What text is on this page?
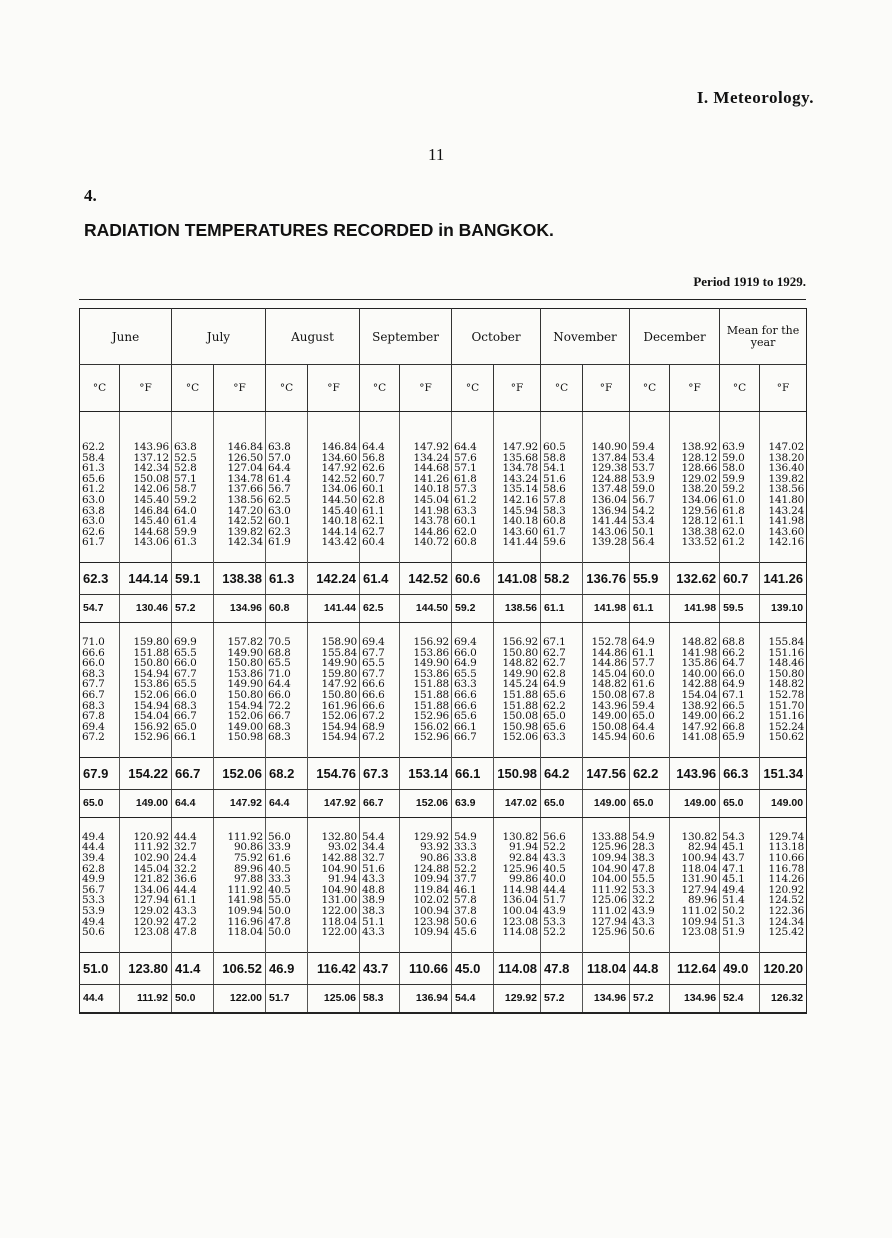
I. Meteorology.
11
4.
RADIATION TEMPERATURES RECORDED in BANGKOK.
Period 1919 to 1929.
June		July		August		September		October		November		December		Mean for the year	
°C	°F	°C	°F	°C	°F	°C	°F	°C	°F	°C	°F	°C	°F	°C	°F

62.2	143.96	63.8	146.84	63.8	146.84	64.4	147.92	64.4	147.92	60.5	140.90	59.4	138.92	63.9	147.02
58.4	137.12	52.5	126.50	57.0	134.60	56.8	134.24	57.6	135.68	58.8	137.84	53.4	128.12	59.0	138.20
61.3	142.34	52.8	127.04	64.4	147.92	62.6	144.68	57.1	134.78	54.1	129.38	53.7	128.66	58.0	136.40
65.6	150.08	57.1	134.78	61.4	142.52	60.7	141.26	61.8	143.24	51.6	124.88	53.9	129.02	59.9	139.82
61.2	142.06	58.7	137.66	56.7	134.06	60.1	140.18	57.3	135.14	58.6	137.48	59.0	138.20	59.2	138.56
63.0	145.40	59.2	138.56	62.5	144.50	62.8	145.04	61.2	142.16	57.8	136.04	56.7	134.06	61.0	141.80
63.8	146.84	64.0	147.20	63.0	145.40	61.1	141.98	63.3	145.94	58.3	136.94	54.2	129.56	61.8	143.24
63.0	145.40	61.4	142.52	60.1	140.18	62.1	143.78	60.1	140.18	60.8	141.44	53.4	128.12	61.1	141.98
62.6	144.68	59.9	139.82	62.3	144.14	62.7	144.86	62.0	143.60	61.7	143.06	50.1	138.38	62.0	143.60
61.7	143.06	61.3	142.34	61.9	143.42	60.4	140.72	60.8	141.44	59.6	139.28	56.4	133.52	61.2	142.16

62.3	144.14	59.1	138.38	61.3	142.24	61.4	142.52	60.6	141.08	58.2	136.76	55.9	132.62	60.7	141.26
54.7	130.46	57.2	134.96	60.8	141.44	62.5	144.50	59.2	138.56	61.1	141.98	61.1	141.98	59.5	139.10

71.0	159.80	69.9	157.82	70.5	158.90	69.4	156.92	69.4	156.92	67.1	152.78	64.9	148.82	68.8	155.84
66.6	151.88	65.5	149.90	68.8	155.84	67.7	153.86	66.0	150.80	62.7	144.86	61.1	141.98	66.2	151.16
66.0	150.80	66.0	150.80	65.5	149.90	65.5	149.90	64.9	148.82	62.7	144.86	57.7	135.86	64.7	148.46
68.3	154.94	67.7	153.86	71.0	159.80	67.7	153.86	65.5	149.90	62.8	145.04	60.0	140.00	66.0	150.80
67.7	153.86	65.5	149.90	64.4	147.92	66.6	151.88	63.3	145.24	64.9	148.82	61.6	142.88	64.9	148.82
66.7	152.06	66.0	150.80	66.0	150.80	66.6	151.88	66.6	151.88	65.6	150.08	67.8	154.04	67.1	152.78
68.3	154.94	68.3	154.94	72.2	161.96	66.6	151.88	66.6	151.88	62.2	143.96	59.4	138.92	66.5	151.70
67.8	154.04	66.7	152.06	66.7	152.06	67.2	152.96	65.6	150.08	65.0	149.00	65.0	149.00	66.2	151.16
69.4	156.92	65.0	149.00	68.3	154.94	68.9	156.02	66.1	150.98	65.6	150.08	64.4	147.92	66.8	152.24
67.2	152.96	66.1	150.98	68.3	154.94	67.2	152.96	66.7	152.06	63.3	145.94	60.6	141.08	65.9	150.62

67.9	154.22	66.7	152.06	68.2	154.76	67.3	153.14	66.1	150.98	64.2	147.56	62.2	143.96	66.3	151.34
65.0	149.00	64.4	147.92	64.4	147.92	66.7	152.06	63.9	147.02	65.0	149.00	65.0	149.00	65.0	149.00

49.4	120.92	44.4	111.92	56.0	132.80	54.4	129.92	54.9	130.82	56.6	133.88	54.9	130.82	54.3	129.74
44.4	111.92	32.7	90.86	33.9	93.02	34.4	93.92	33.3	91.94	52.2	125.96	28.3	82.94	45.1	113.18
39.4	102.90	24.4	75.92	61.6	142.88	32.7	90.86	33.8	92.84	43.3	109.94	38.3	100.94	43.7	110.66
62.8	145.04	32.2	89.96	40.5	104.90	51.6	124.88	52.2	125.96	40.5	104.90	47.8	118.04	47.1	116.78
49.9	121.82	36.6	97.88	33.3	91.94	43.3	109.94	37.7	99.86	40.0	104.00	55.5	131.90	45.1	114.26
56.7	134.06	44.4	111.92	40.5	104.90	48.8	119.84	46.1	114.98	44.4	111.92	53.3	127.94	49.4	120.92
53.3	127.94	61.1	141.98	55.0	131.00	38.9	102.02	57.8	136.04	51.7	125.06	32.2	89.96	51.4	124.52
53.9	129.02	43.3	109.94	50.0	122.00	38.3	100.94	37.8	100.04	43.9	111.02	43.9	111.02	50.2	122.36
49.4	120.92	47.2	116.96	47.8	118.04	51.1	123.98	50.6	123.08	53.3	127.94	43.3	109.94	51.3	124.34
50.6	123.08	47.8	118.04	50.0	122.00	43.3	109.94	45.6	114.08	52.2	125.96	50.6	123.08	51.9	125.42

51.0	123.80	41.4	106.52	46.9	116.42	43.7	110.66	45.0	114.08	47.8	118.04	44.8	112.64	49.0	120.20
44.4	111.92	50.0	122.00	51.7	125.06	58.3	136.94	54.4	129.92	57.2	134.96	57.2	134.96	52.4	126.32
